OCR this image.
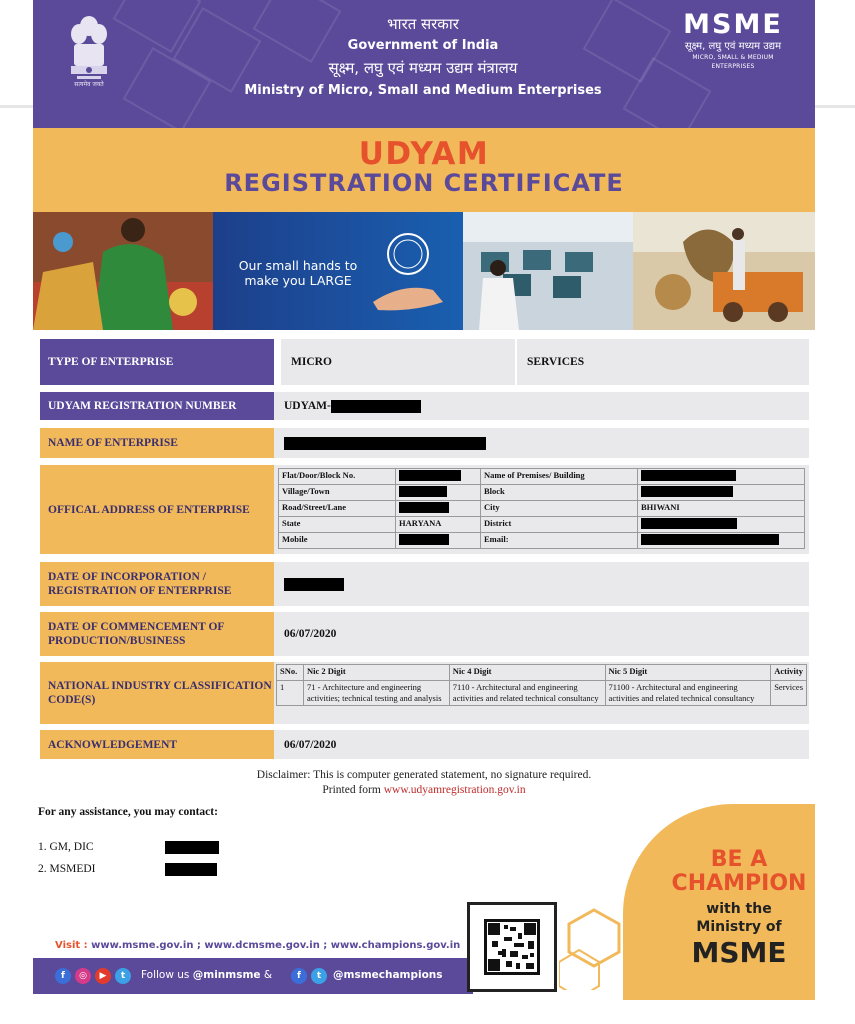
सत्यमेव जयते
भारत सरकार
Government of India
सूक्ष्म, लघु एवं मध्यम उद्यम मंत्रालय
Ministry of Micro, Small and Medium Enterprises
MSME
सूक्ष्म, लघु एवं मध्यम उद्यम
MICRO, SMALL & MEDIUM ENTERPRISES
UDYAM
REGISTRATION CERTIFICATE
Our small hands to make you LARGE
TYPE OF ENTERPRISE	MICRO	SERVICES
UDYAM REGISTRATION NUMBER	UDYAM-
NAME OF ENTERPRISE
OFFICAL ADDRESS OF ENTERPRISE
Flat/Door/Block No.		Name of Premises/ Building	
Village/Town		Block	
Road/Street/Lane		City	BHIWANI
State	HARYANA	District	
Mobile		Email:	
DATE OF INCORPORATION / REGISTRATION OF ENTERPRISE
DATE OF COMMENCEMENT OF PRODUCTION/BUSINESS
06/07/2020
NATIONAL INDUSTRY CLASSIFICATION CODE(S)
SNo.	Nic 2 Digit	Nic 4 Digit	Nic 5 Digit	Activity
1	71 - Architecture and engineering activities; technical testing and analysis	7110 - Architectural and engineering activities and related technical consultancy	71100 - Architectural and engineering activities and related technical consultancy	Services
ACKNOWLEDGEMENT	06/07/2020
Disclaimer: This is computer generated statement, no signature required.
Printed form www.udyamregistration.gov.in
For any assistance, you may contact:
1. GM, DIC
2. MSMEDI	BE A
CHAMPION
with the
Ministry of
MSME
Visit : www.msme.gov.in ; www.dcmsme.gov.in ; www.champions.gov.in
f	◎	▶	t	Follow us @minmsme &	f	t	@msmechampions
